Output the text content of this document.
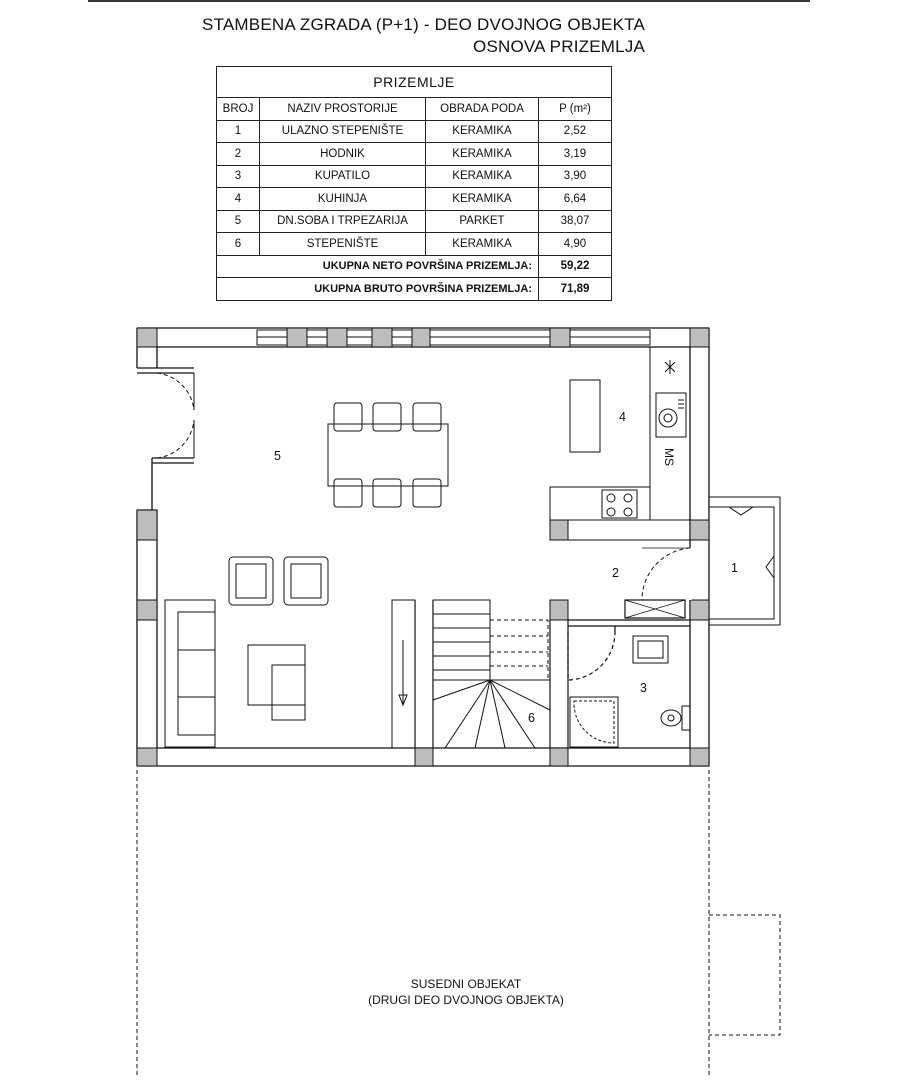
STAMBENA ZGRADA (P+1) - DEO DVOJNOG OBJEKTA
OSNOVA PRIZEMLJA
PRIZEMLJE			
BROJ	NAZIV PROSTORIJE	OBRADA PODA	P (m²)
1	ULAZNO STEPENIŠTE	KERAMIKA	2,52
2	HODNIK	KERAMIKA	3,19
3	KUPATILO	KERAMIKA	3,90
4	KUHINJA	KERAMIKA	6,64
5	DN.SOBA I TRPEZARIJA	PARKET	38,07
6	STEPENIŠTE	KERAMIKA	4,90
UKUPNA NETO POVRŠINA PRIZEMLJA:			59,22
UKUPNA BRUTO POVRŠINA PRIZEMLJA:			71,89
5
4
2	1
3
6
MS
SUSEDNI OBJEKAT
(DRUGI DEO DVOJNOG OBJEKTA)
